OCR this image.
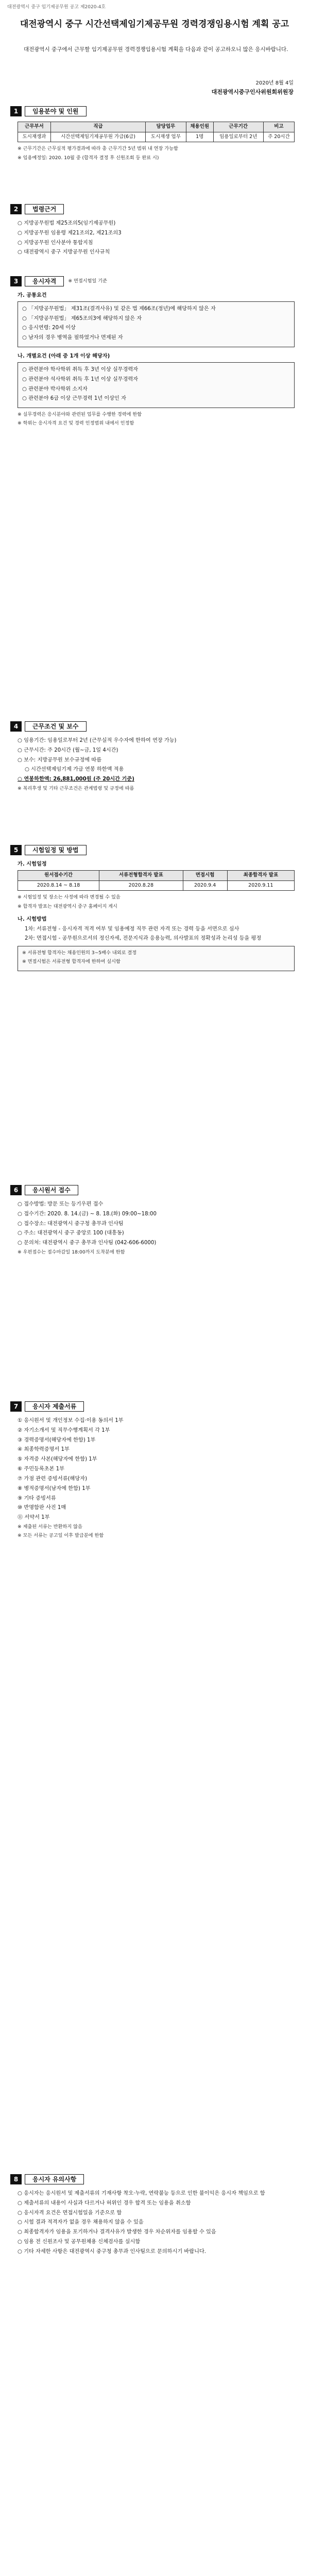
대전광역시 중구 임기제공무원 공고 제2020-4호
대전광역시 중구 시간선택제임기제공무원 경력경쟁임용시험 계획 공고
대전광역시 중구에서 근무할 임기제공무원 경력경쟁임용시험 계획을 다음과 같이 공고하오니 많은 응시바랍니다.
2020년 8월 4일
대전광역시중구인사위원회위원장
1	임용분야 및 인원
근무부서	직급	담당업무	채용인원	근무기간	비고
도시재생과	시간선택제임기제공무원 가급(6급)	도시재생 업무	1명	임용일로부터 2년	주 20시간

※ 근무기간은 근무실적 평가결과에 따라 총 근무기간 5년 범위 내 연장 가능함

※ 임용예정일: 2020. 10월 중 (합격자 결정 후 신원조회 등 완료 시)

2	법령근거

○ 지방공무원법 제25조의5(임기제공무원)

○ 지방공무원 임용령 제21조의2, 제21조의3

○ 지방공무원 인사분야 통합지침

○ 대전광역시 중구 지방공무원 인사규칙

3	응시자격	※ 면접시험일 기준

가. 공통요건

○ 「지방공무원법」 제31조(결격사유) 및 같은 법 제66조(정년)에 해당하지 않은 자

○ 「지방공무원법」 제65조의3에 해당하지 않은 자

○ 응시연령: 20세 이상

○ 남자의 경우 병역을 필하였거나 면제된 자

나. 개별요건 (아래 중 1개 이상 해당자)

○ 관련분야 학사학위 취득 후 3년 이상 실무경력자

○ 관련분야 석사학위 취득 후 1년 이상 실무경력자

○ 관련분야 박사학위 소지자

○ 관련분야 6급 이상 근무경력 1년 이상인 자

※ 실무경력은 응시분야와 관련된 업무를 수행한 경력에 한함

※ 학위는 응시자격 요건 및 경력 인정범위 내에서 인정함

4	근무조건 및 보수

○ 임용기간: 임용일로부터 2년 (근무실적 우수자에 한하여 연장 가능)

○ 근무시간: 주 20시간 (월~금, 1일 4시간)

○ 보수: 지방공무원 보수규정에 따름

○ 시간선택제임기제 가급 연봉 하한액 적용

○ 연봉하한액: 26,881,000원 (주 20시간 기준)

※ 복리후생 및 기타 근무조건은 관계법령 및 규정에 따름

5	시험일정 및 방법

가. 시험일정

원서접수기간	서류전형합격자 발표	면접시험	최종합격자 발표
2020.8.14 ~ 8.18	2020.8.28	2020.9.4	2020.9.11

※ 시험일정 및 장소는 사정에 따라 변경될 수 있음

※ 합격자 발표는 대전광역시 중구 홈페이지 게시

나. 시험방법

1차: 서류전형 - 응시자격 적격 여부 및 임용예정 직무 관련 자격 또는 경력 등을 서면으로 심사

2차: 면접시험 - 공무원으로서의 정신자세, 전문지식과 응용능력, 의사발표의 정확성과 논리성 등을 평정

※ 서류전형 합격자는 채용인원의 3~5배수 내외로 결정

※ 면접시험은 서류전형 합격자에 한하여 실시함

6	응시원서 접수

○ 접수방법: 방문 또는 등기우편 접수

○ 접수기간: 2020. 8. 14.(금) ~ 8. 18.(화) 09:00~18:00

○ 접수장소: 대전광역시 중구청 총무과 인사팀

○ 주소: 대전광역시 중구 중앙로 100 (대흥동)

○ 문의처: 대전광역시 중구 총무과 인사팀 (042-606-6000)

※ 우편접수는 접수마감일 18:00까지 도착분에 한함

7	응시자 제출서류

① 응시원서 및 개인정보 수집·이용 동의서 1부

② 자기소개서 및 직무수행계획서 각 1부

③ 경력증명서(해당자에 한함) 1부

④ 최종학력증명서 1부

⑤ 자격증 사본(해당자에 한함) 1부

⑥ 주민등록초본 1부

⑦ 가점 관련 증빙서류(해당자)

⑧ 병적증명서(남자에 한함) 1부

⑨ 기타 증빙서류

⑩ 반명함판 사진 1매

⑪ 서약서 1부

※ 제출된 서류는 반환하지 않음

※ 모든 서류는 공고일 이후 발급분에 한함

8	응시자 유의사항

○ 응시자는 응시원서 및 제출서류의 기재사항 착오·누락, 연락불능 등으로 인한 불이익은 응시자 책임으로 함

○ 제출서류의 내용이 사실과 다르거나 허위인 경우 합격 또는 임용을 취소함

○ 응시자격 요건은 면접시험일을 기준으로 함

○ 시험 결과 적격자가 없을 경우 채용하지 않을 수 있음

○ 최종합격자가 임용을 포기하거나 결격사유가 발생한 경우 차순위자를 임용할 수 있음

○ 임용 전 신원조사 및 공무원채용 신체검사를 실시함

○ 기타 자세한 사항은 대전광역시 중구청 총무과 인사팀으로 문의하시기 바랍니다.
